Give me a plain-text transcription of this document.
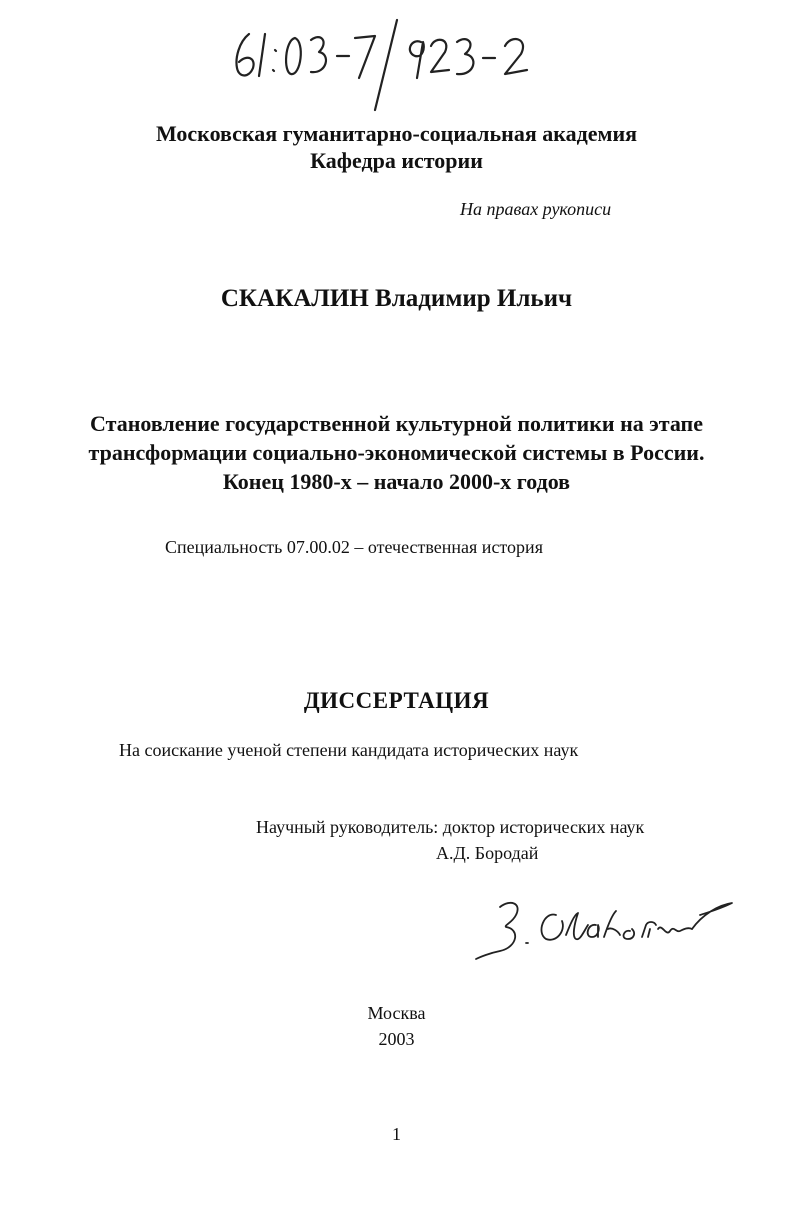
Московская гуманитарно-социальная академия
Кафедра истории
На правах рукописи
СКАКАЛИН Владимир Ильич
Становление государственной культурной политики на этапе
трансформации социально-экономической системы в России.
Конец 1980-х – начало 2000-х годов
Специальность 07.00.02 – отечественная история
ДИССЕРТАЦИЯ
На соискание ученой степени кандидата исторических наук
Научный руководитель: доктор исторических наук
А.Д. Бородай
Москва
2003
1
